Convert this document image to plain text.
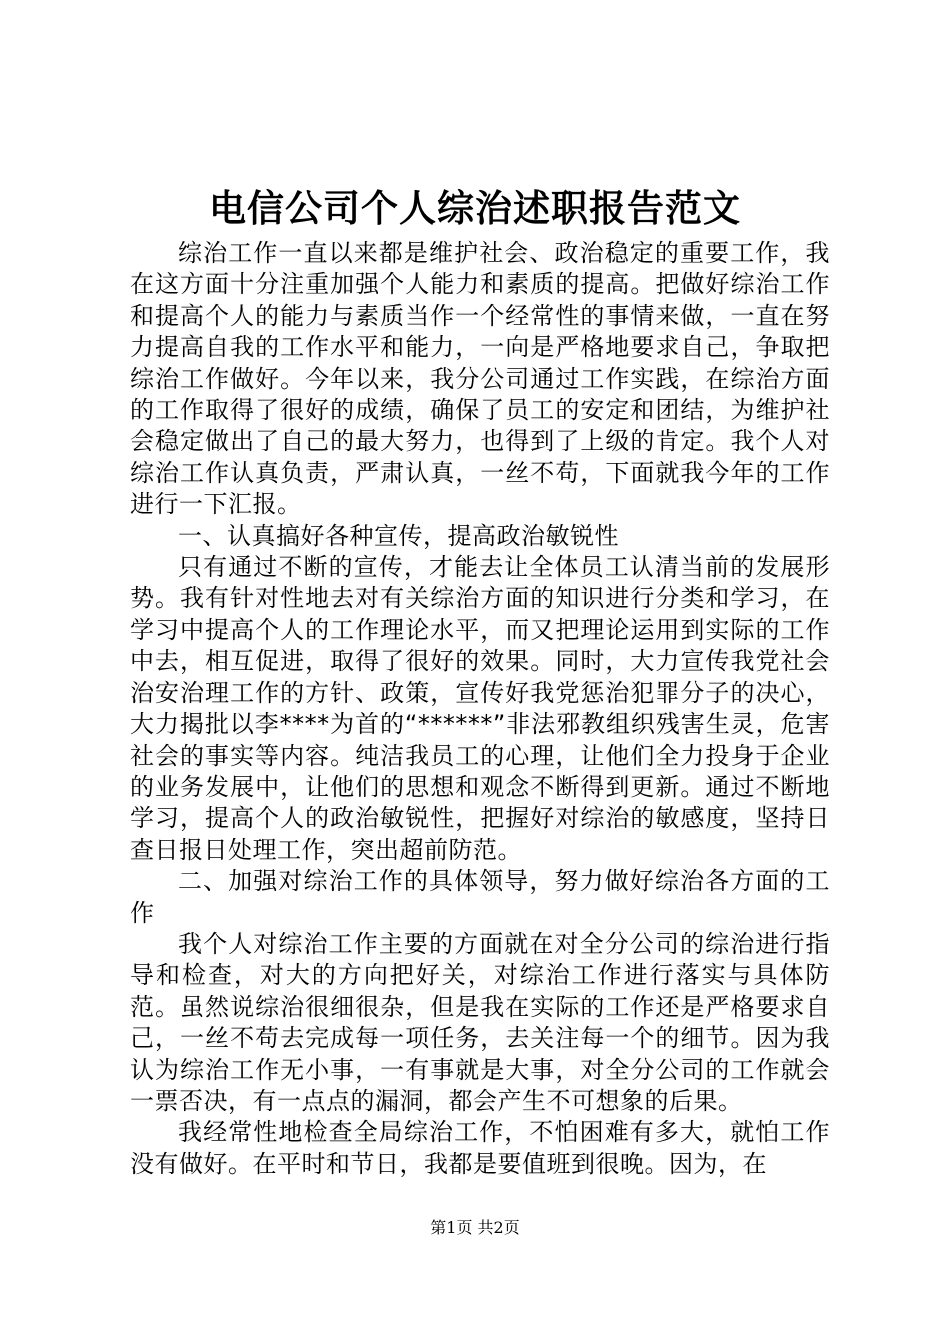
电信公司个人综治述职报告范文

综治工作一直以来都是维护社会、政治稳定的重要工作，我在这方面十分注重加强个人能力和素质的提高。把做好综治工作和提高个人的能力与素质当作一个经常性的事情来做，一直在努力提高自我的工作水平和能力，一向是严格地要求自己，争取把综治工作做好。今年以来，我分公司通过工作实践，在综治方面的工作取得了很好的成绩，确保了员工的安定和团结，为维护社会稳定做出了自己的最大努力，也得到了上级的肯定。我个人对综治工作认真负责，严肃认真，一丝不苟，下面就我今年的工作进行一下汇报。

一、认真搞好各种宣传，提高政治敏锐性

只有通过不断的宣传，才能去让全体员工认清当前的发展形势。我有针对性地去对有关综治方面的知识进行分类和学习，在学习中提高个人的工作理论水平，而又把理论运用到实际的工作中去，相互促进，取得了很好的效果。同时，大力宣传我党社会治安治理工作的方针、政策，宣传好我党惩治犯罪分子的决心，大力揭批以李****为首的“******”非法邪教组织残害生灵，危害社会的事实等内容。纯洁我员工的心理，让他们全力投身于企业的业务发展中，让他们的思想和观念不断得到更新。通过不断地学习，提高个人的政治敏锐性，把握好对综治的敏感度，坚持日查日报日处理工作，突出超前防范。

二、加强对综治工作的具体领导，努力做好综治各方面的工作

我个人对综治工作主要的方面就在对全分公司的综治进行指导和检查，对大的方向把好关，对综治工作进行落实与具体防范。虽然说综治很细很杂，但是我在实际的工作还是严格要求自己，一丝不苟去完成每一项任务，去关注每一个的细节。因为我认为综治工作无小事，一有事就是大事，对全分公司的工作就会一票否决，有一点点的漏洞，都会产生不可想象的后果。

我经常性地检查全局综治工作，不怕困难有多大，就怕工作没有做好。在平时和节日，我都是要值班到很晚。因为，在

第1页 共2页
